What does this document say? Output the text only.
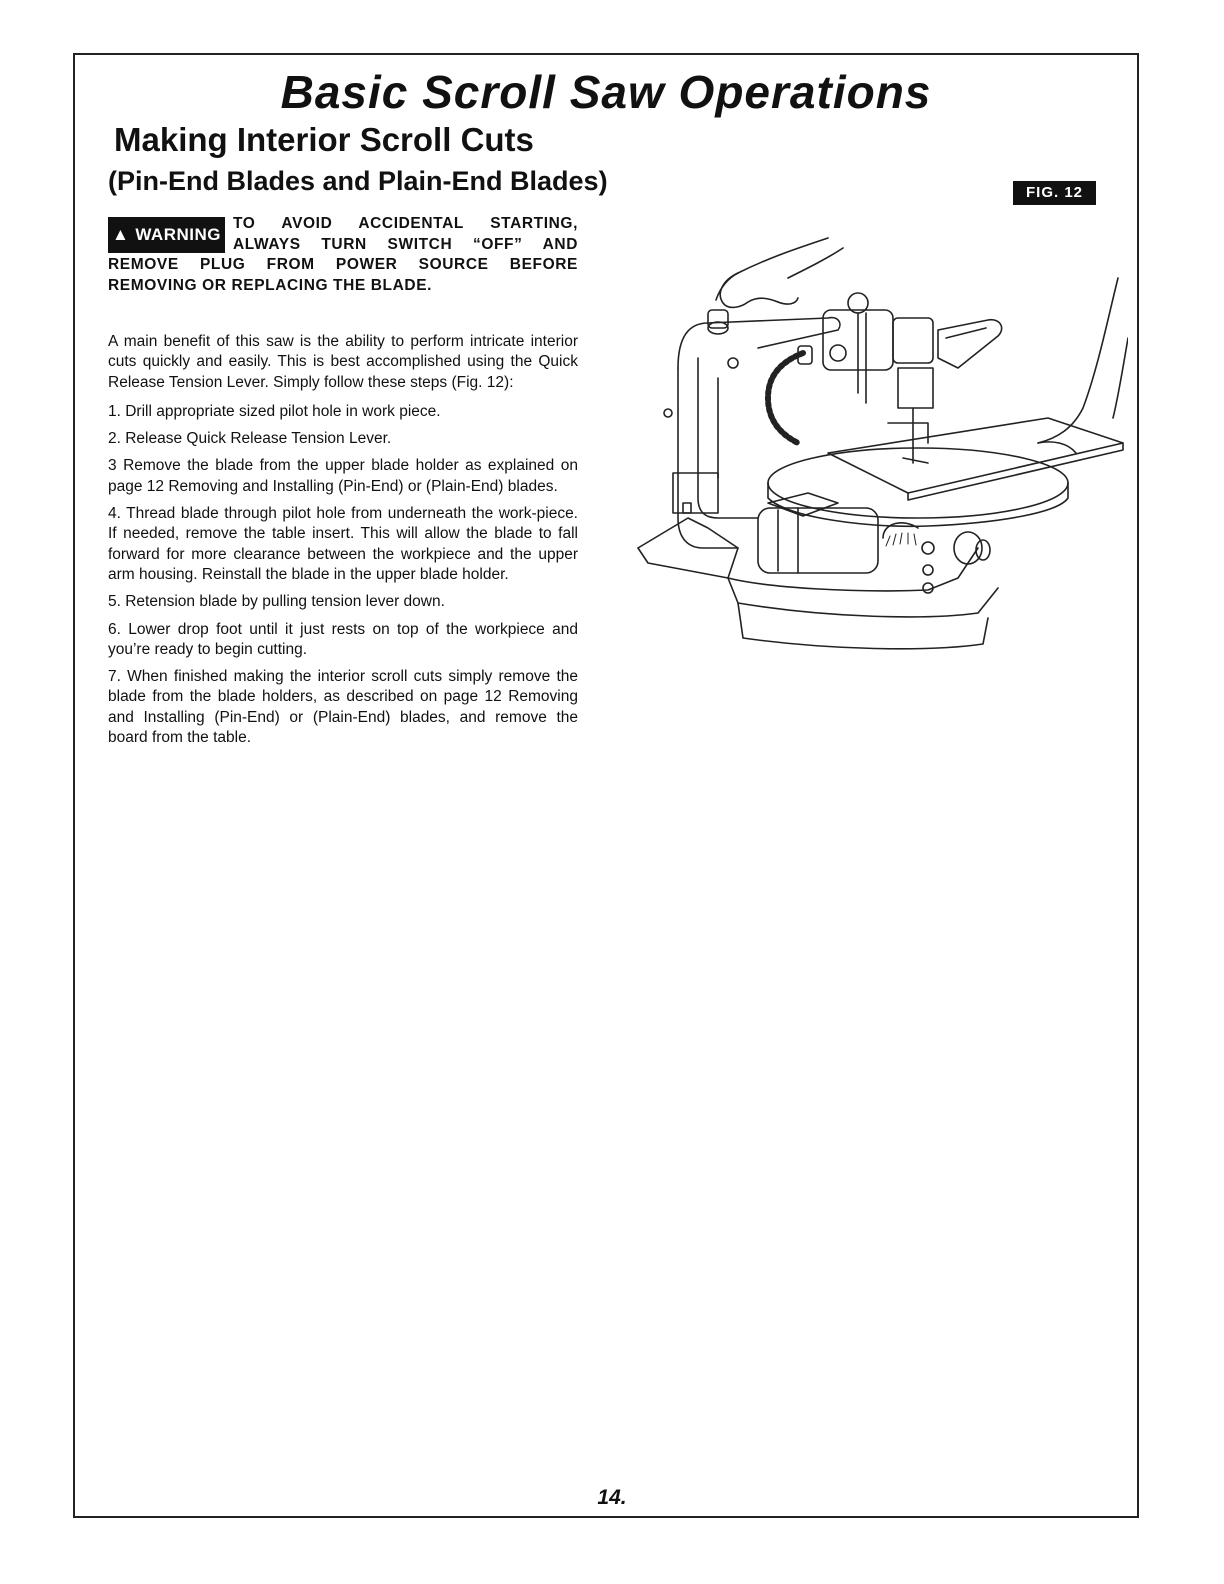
Basic Scroll Saw Operations
Making Interior Scroll Cuts
(Pin-End Blades and Plain-End Blades)	FIG. 12
▲ WARNING
TO AVOID ACCIDENTAL STARTING, ALWAYS TURN SWITCH “OFF” AND REMOVE PLUG FROM POWER SOURCE BEFORE REMOVING OR REPLACING THE BLADE.

A main benefit of this saw is the ability to perform intricate interior cuts quickly and easily. This is best accomplished using the Quick Release Tension Lever. Simply follow these steps (Fig. 12):

1. Drill appropriate sized pilot hole in work piece.

2. Release Quick Release Tension Lever.

3 Remove the blade from the upper blade holder as explained on page 12 Removing and Installing (Pin-End) or (Plain-End) blades.

4. Thread blade through pilot hole from underneath the work-piece. If needed, remove the table insert. This will allow the blade to fall forward for more clearance between the workpiece and the upper arm housing. Reinstall the blade in the upper blade holder.

5. Retension blade by pulling tension lever down.

6. Lower drop foot until it just rests on top of the workpiece and you’re ready to begin cutting.

7. When finished making the interior scroll cuts simply remove the blade from the blade holders, as described on page 12 Removing and Installing (Pin-End) or (Plain-End) blades, and remove the board from the table.

14.
